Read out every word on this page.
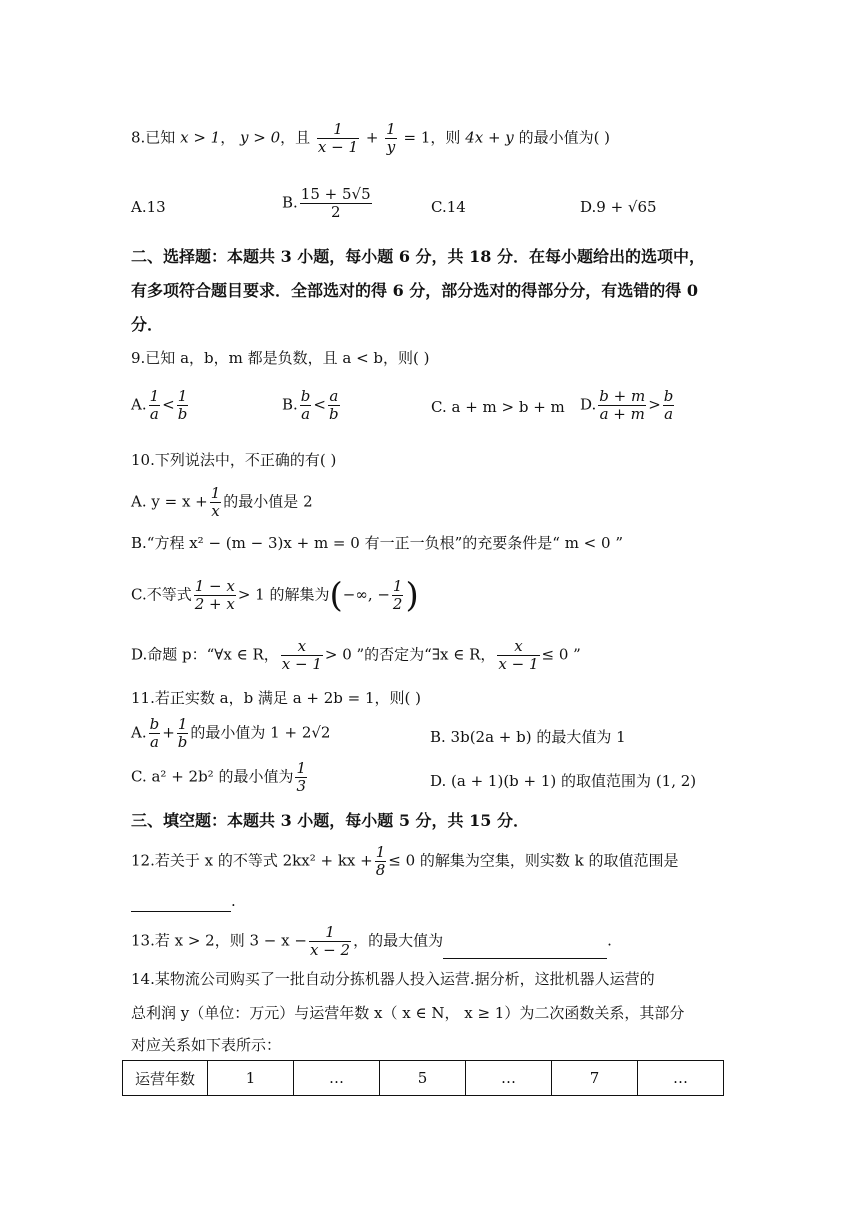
8.已知 x > 1， y > 0，且 $\frac{1}{x - 1} + \frac{1}{y} = 1$，则 4x + y 的最小值为( )
A.13	B. $\frac{15 + 5√5}{2}$	C.14	D.9 + √65
二、选择题：本题共 3 小题，每小题 6 分，共 18 分．在每小题给出的选项中，
有多项符合题目要求．全部选对的得 6 分，部分选对的得部分分，有选错的得 0
分．
9.已知 a，b，m 都是负数，且 a < b，则( )
A. $\frac{1}{a} < \frac{1}{b}$	B. $\frac{b}{a} < \frac{a}{b}$	C. a + m > b + m D. $\frac{b + m}{a + m} > \frac{b}{a}$
10.下列说法中，不正确的有( )
A. $y = x + \frac{1}{x}$ 的最小值是 2
B.“方程 x² − (m − 3)x + m = 0 有一正一负根”的充要条件是“ m < 0 ”
C.不等式 $\frac{1 - x}{2 + x} > 1$ 的解集为(−∞, − $\frac{1}{2}$ )
D.命题 p：“∀x ∈ R， $\frac{x}{x - 1} > 0$ ”的否定为“∃x ∈ R， $\frac{x}{x - 1} \le 0$ ”
11.若正实数 a，b 满足 a + 2b = 1，则( )
A. $\frac{b}{a} + \frac{1}{b}$ 的最小值为 1 + 2√2	B. 3b(2a + b) 的最大值为 1
C. a² + 2b² 的最小值为 $\frac{1}{3}$	D. (a + 1)(b + 1) 的取值范围为 (1, 2)
三、填空题：本题共 3 小题，每小题 5 分，共 15 分．
12.若关于 x 的不等式 2kx² + kx + $\frac{1}{8} \le 0$ 的解集为空集，则实数 k 的取值范围是
.
13.若 x > 2，则 $3 - x - \frac{1}{x - 2}$ ，的最大值为	.
14.某物流公司购买了一批自动分拣机器人投入运营.据分析，这批机器人运营的
总利润 y（单位：万元）与运营年数 x（ x ∈ N， x ≥ 1）为二次函数关系，其部分
对应关系如下表所示：
运营年数	1	…	5	…	7	…
